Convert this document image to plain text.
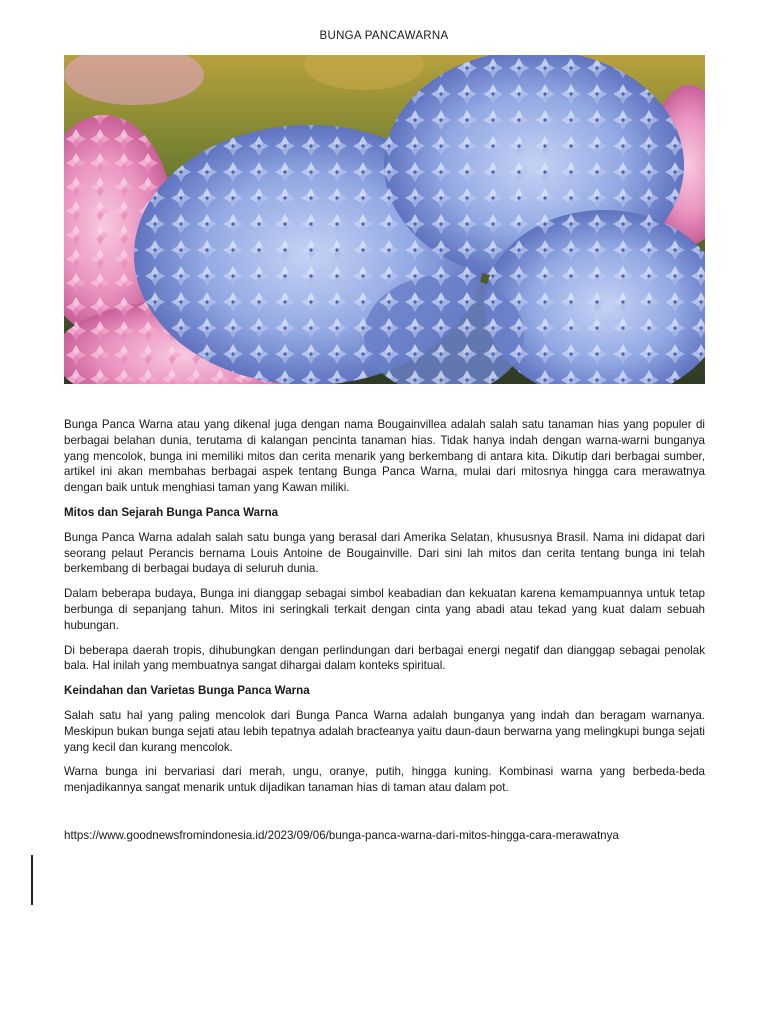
BUNGA PANCAWARNA

Bunga Panca Warna atau yang dikenal juga dengan nama Bougainvillea adalah salah satu tanaman hias yang populer di berbagai belahan dunia, terutama di kalangan pencinta tanaman hias. Tidak hanya indah dengan warna-warni bunganya yang mencolok, bunga ini memiliki mitos dan cerita menarik yang berkembang di antara kita. Dikutip dari berbagai sumber, artikel ini akan membahas berbagai aspek tentang Bunga Panca Warna, mulai dari mitosnya hingga cara merawatnya dengan baik untuk menghiasi taman yang Kawan miliki.

Mitos dan Sejarah Bunga Panca Warna

Bunga Panca Warna adalah salah satu bunga yang berasal dari Amerika Selatan, khususnya Brasil. Nama ini didapat dari seorang pelaut Perancis bernama Louis Antoine de Bougainville. Dari sini lah mitos dan cerita tentang bunga ini telah berkembang di berbagai budaya di seluruh dunia.

Dalam beberapa budaya, Bunga ini dianggap sebagai simbol keabadian dan kekuatan karena kemampuannya untuk tetap berbunga di sepanjang tahun. Mitos ini seringkali terkait dengan cinta yang abadi atau tekad yang kuat dalam sebuah hubungan.

Di beberapa daerah tropis, dihubungkan dengan perlindungan dari berbagai energi negatif dan dianggap sebagai penolak bala. Hal inilah yang membuatnya sangat dihargai dalam konteks spiritual.

Keindahan dan Varietas Bunga Panca Warna

Salah satu hal yang paling mencolok dari Bunga Panca Warna adalah bunganya yang indah dan beragam warnanya. Meskipun bukan bunga sejati atau lebih tepatnya adalah bracteanya yaitu daun-daun berwarna yang melingkupi bunga sejati yang kecil dan kurang mencolok.

Warna bunga ini bervariasi dari merah, ungu, oranye, putih, hingga kuning. Kombinasi warna yang berbeda-beda menjadikannya sangat menarik untuk dijadikan tanaman hias di taman atau dalam pot.

https://www.goodnewsfromindonesia.id/2023/09/06/bunga-panca-warna-dari-mitos-hingga-cara-merawatnya
